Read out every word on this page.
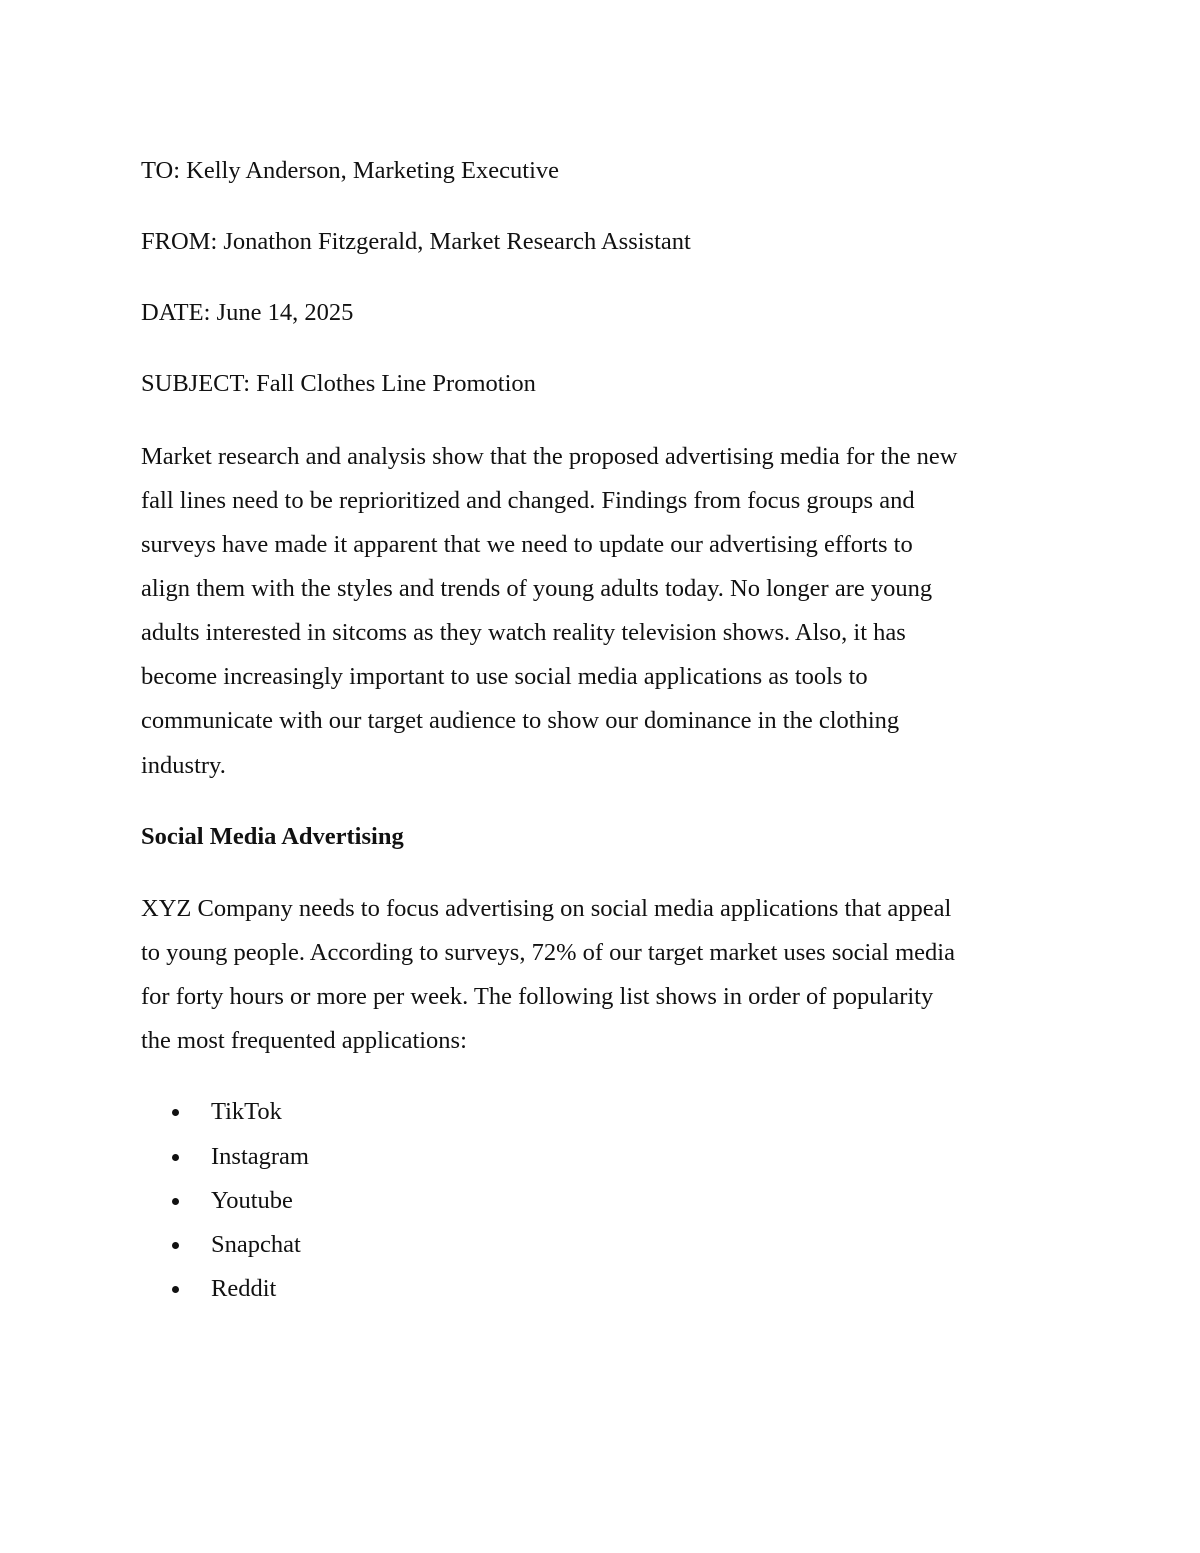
TO: Kelly Anderson, Marketing Executive
FROM: Jonathon Fitzgerald, Market Research Assistant
DATE: June 14, 2025
SUBJECT: Fall Clothes Line Promotion
Market research and analysis show that the proposed advertising media for the new
fall lines need to be reprioritized and changed. Findings from focus groups and
surveys have made it apparent that we need to update our advertising efforts to
align them with the styles and trends of young adults today. No longer are young
adults interested in sitcoms as they watch reality television shows. Also, it has
become increasingly important to use social media applications as tools to
communicate with our target audience to show our dominance in the clothing
industry.
Social Media Advertising
XYZ Company needs to focus advertising on social media applications that appeal
to young people. According to surveys, 72% of our target market uses social media
for forty hours or more per week. The following list shows in order of popularity
the most frequented applications:
TikTok
Instagram
Youtube
Snapchat
Reddit
